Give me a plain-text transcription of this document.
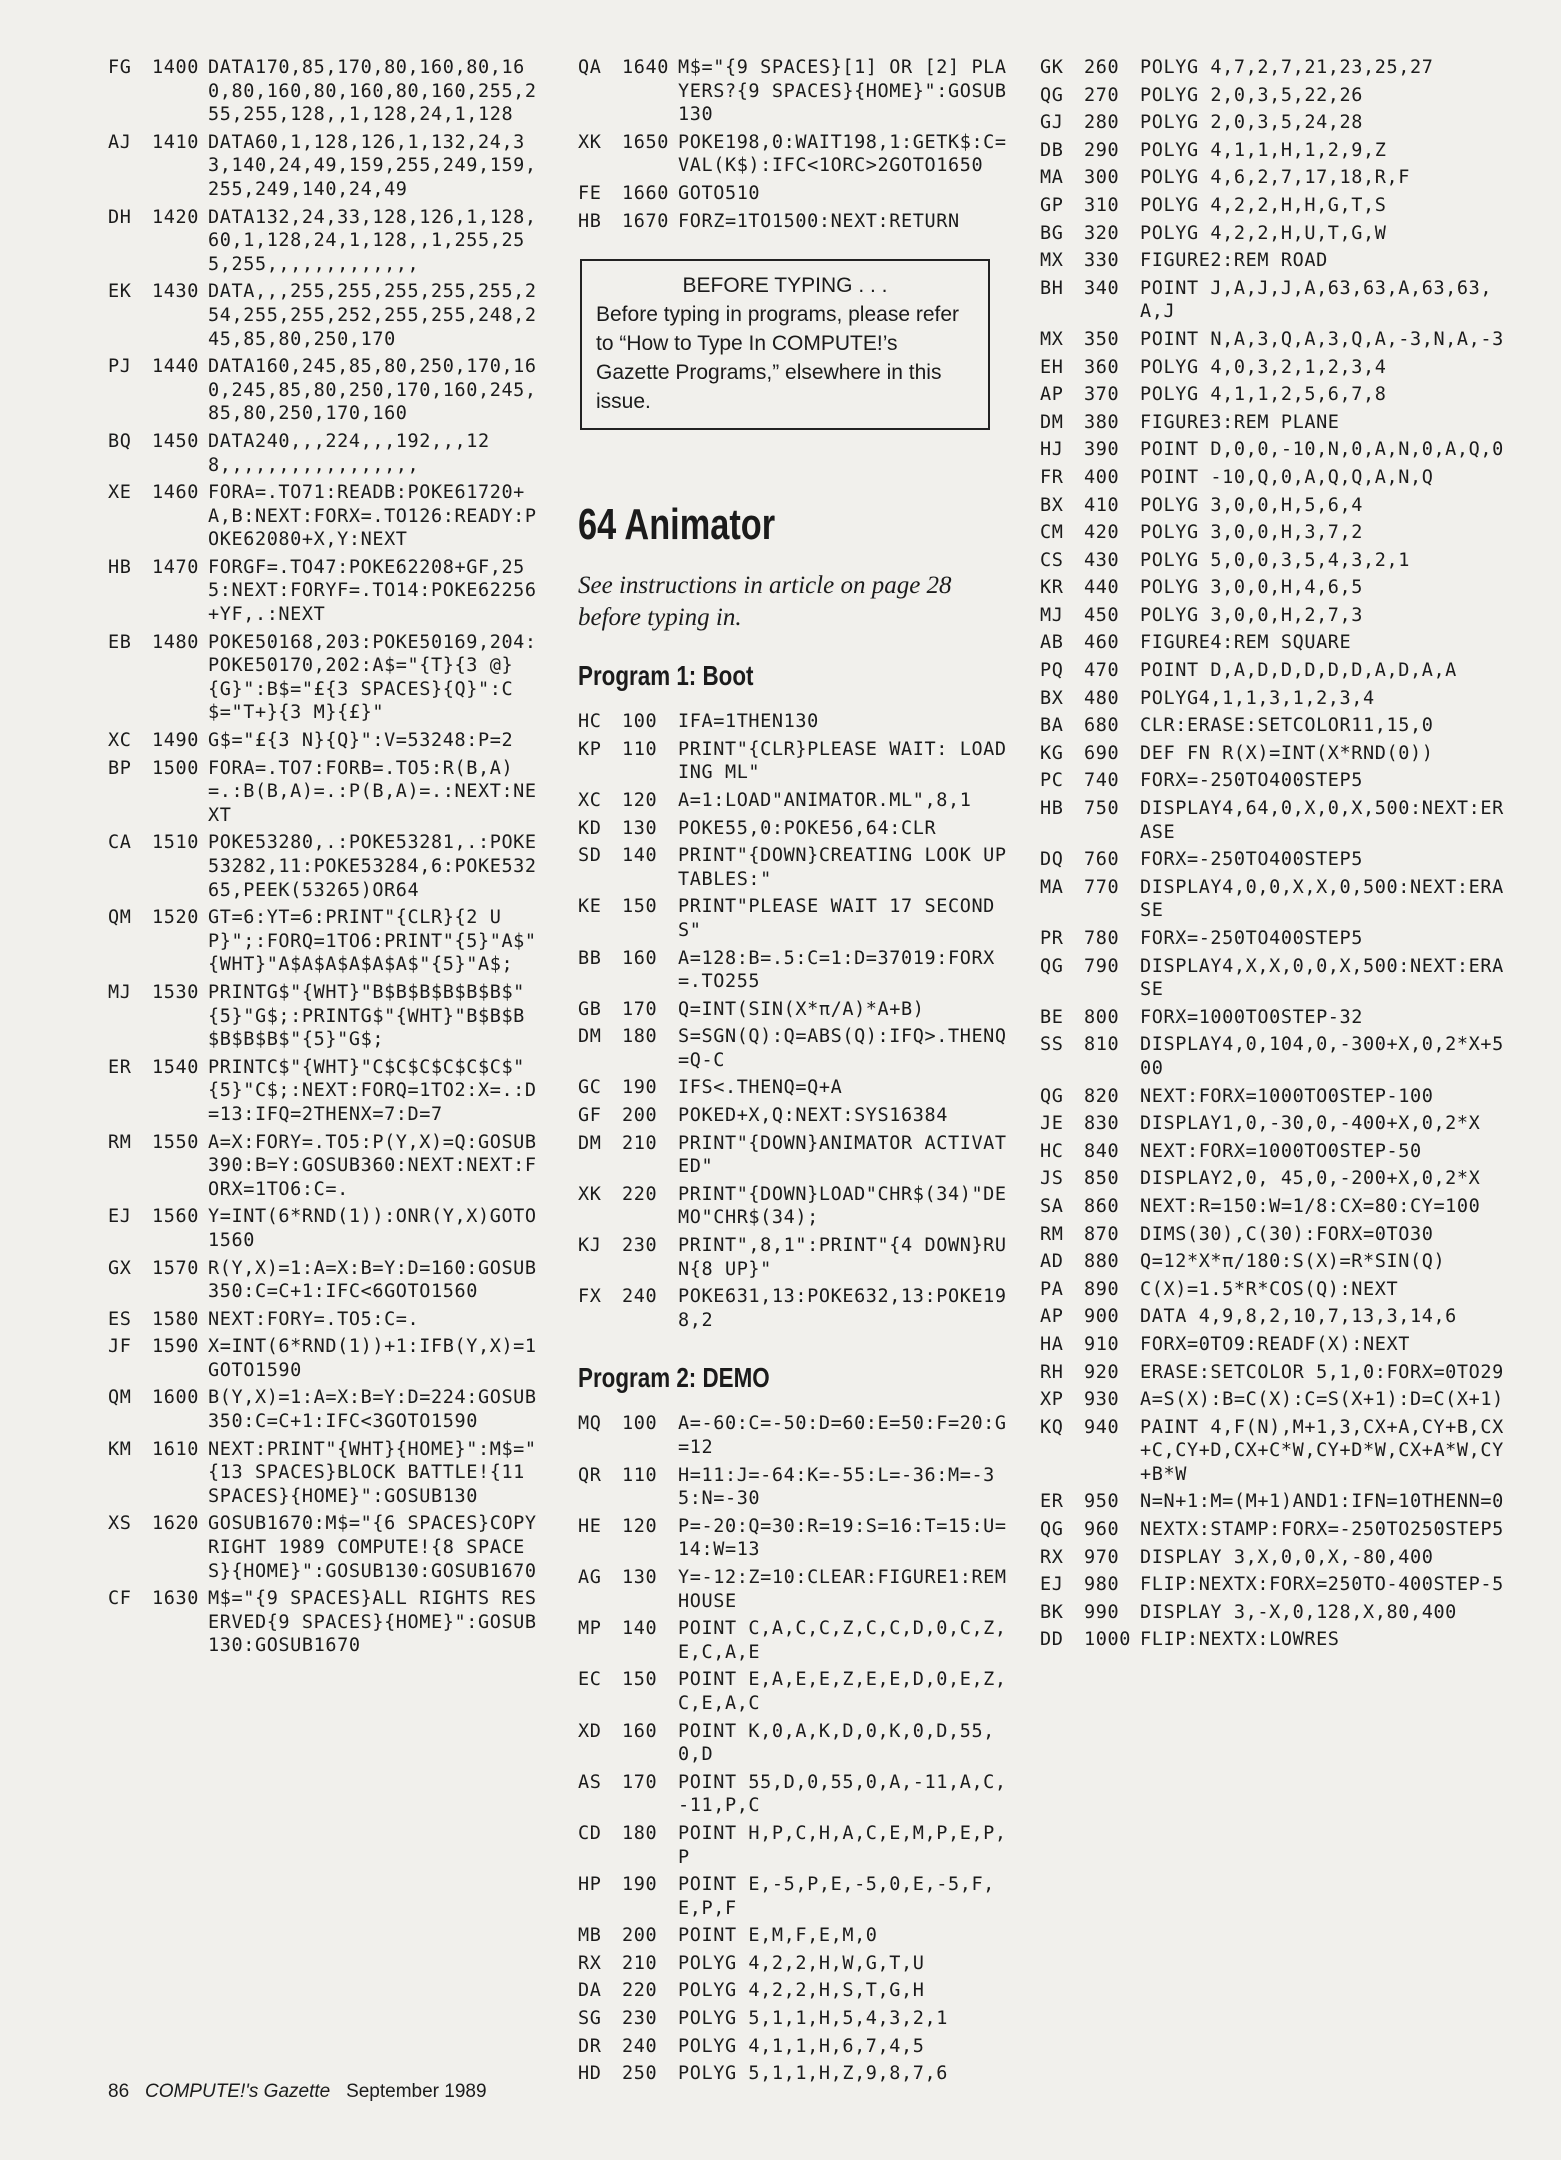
FG	1400 DATA170,85,170,80,160,80,160,80,160,80,160,80,160,255,255,255,128,,1,128,24,1,128
AJ	1410 DATA60,1,128,126,1,132,24,33,140,24,49,159,255,249,159,255,249,140,24,49
DH	1420 DATA132,24,33,128,126,1,128,60,1,128,24,1,128,,1,255,255,255,,,,,,,,,,,,,
EK	1430 DATA,,,255,255,255,255,255,254,255,255,252,255,255,248,245,85,80,250,170
PJ	1440 DATA160,245,85,80,250,170,160,245,85,80,250,170,160,245,85,80,250,170,160
BQ	1450 DATA240,,,224,,,192,,,128,,,,,,,,,,,,,,,,,
XE	1460 FORA=.TO71:READB:POKE61720+A,B:NEXT:FORX=.TO126:READY:POKE62080+X,Y:NEXT
HB	1470 FORGF=.TO47:POKE62208+GF,255:NEXT:FORYF=.TO14:POKE62256+YF,.:NEXT
EB	1480 POKE50168,203:POKE50169,204:POKE50170,202:A$="{T}{3 @}{G}":B$="£{3 SPACES}{Q}":C$="T+}{3 M}{£}"
XC	1490 G$="£{3 N}{Q}":V=53248:P=2
BP	1500 FORA=.TO7:FORB=.TO5:R(B,A)=.:B(B,A)=.:P(B,A)=.:NEXT:NEXT
CA	1510 POKE53280,.:POKE53281,.:POKE53282,11:POKE53284,6:POKE53265,PEEK(53265)OR64
QM	1520 GT=6:YT=6:PRINT"{CLR}{2 UP}";:FORQ=1TO6:PRINT"{5}"A$"{WHT}"A$A$A$A$A$A$"{5}"A$;
MJ	1530 PRINTG$"{WHT}"B$B$B$B$B$B$"{5}"G$;:PRINTG$"{WHT}"B$B$B$B$B$B$"{5}"G$;
ER	1540 PRINTC$"{WHT}"C$C$C$C$C$C$"{5}"C$;:NEXT:FORQ=1TO2:X=.:D=13:IFQ=2THENX=7:D=7
RM	1550 A=X:FORY=.TO5:P(Y,X)=Q:GOSUB390:B=Y:GOSUB360:NEXT:NEXT:FORX=1TO6:C=.
EJ	1560 Y=INT(6*RND(1)):ONR(Y,X)GOTO1560
GX	1570 R(Y,X)=1:A=X:B=Y:D=160:GOSUB350:C=C+1:IFC<6GOTO1560
ES	1580 NEXT:FORY=.TO5:C=.
JF	1590 X=INT(6*RND(1))+1:IFB(Y,X)=1GOTO1590
QM	1600 B(Y,X)=1:A=X:B=Y:D=224:GOSUB350:C=C+1:IFC<3GOTO1590
KM	1610 NEXT:PRINT"{WHT}{HOME}":M$="{13 SPACES}BLOCK BATTLE!{11 SPACES}{HOME}":GOSUB130
XS	1620 GOSUB1670:M$="{6 SPACES}COPYRIGHT 1989 COMPUTE!{8 SPACES}{HOME}":GOSUB130:GOSUB1670
CF	1630 M$="{9 SPACES}ALL RIGHTS RESERVED{9 SPACES}{HOME}":GOSUB130:GOSUB1670
QA	1640 M$="{9 SPACES}[1] OR [2] PLAYERS?{9 SPACES}{HOME}":GOSUB130
XK	1650 POKE198,0:WAIT198,1:GETK$:C=VAL(K$):IFC<1ORC>2GOTO1650
FE	1660 GOTO510
HB	1670 FORZ=1TO1500:NEXT:RETURN
BEFORE TYPING . . .
Before typing in programs, please refer to “How to Type In COMPUTE!’s Gazette Programs,” elsewhere in this issue.
64 Animator
See instructions in article on page 28 before typing in.
Program 1: Boot
HC	100	IFA=1THEN130
KP	110	PRINT"{CLR}PLEASE WAIT: LOADING ML"
XC	120	A=1:LOAD"ANIMATOR.ML",8,1
KD	130	POKE55,0:POKE56,64:CLR
SD	140	PRINT"{DOWN}CREATING LOOK UP TABLES:"
KE	150	PRINT"PLEASE WAIT 17 SECONDS"
BB	160	A=128:B=.5:C=1:D=37019:FORX=.TO255
GB	170	Q=INT(SIN(X*π/A)*A+B)
DM	180	S=SGN(Q):Q=ABS(Q):IFQ>.THENQ=Q-C
GC	190	IFS<.THENQ=Q+A
GF	200	POKED+X,Q:NEXT:SYS16384
DM	210	PRINT"{DOWN}ANIMATOR ACTIVATED"
XK	220	PRINT"{DOWN}LOAD"CHR$(34)"DEMO"CHR$(34);
KJ	230	PRINT",8,1":PRINT"{4 DOWN}RUN{8 UP}"
FX	240	POKE631,13:POKE632,13:POKE198,2
Program 2: DEMO
MQ	100	A=-60:C=-50:D=60:E=50:F=20:G=12
QR	110	H=11:J=-64:K=-55:L=-36:M=-35:N=-30
HE	120	P=-20:Q=30:R=19:S=16:T=15:U=14:W=13
AG	130	Y=-12:Z=10:CLEAR:FIGURE1:REM HOUSE
MP	140	POINT C,A,C,C,Z,C,C,D,0,C,Z,E,C,A,E
EC	150	POINT E,A,E,E,Z,E,E,D,0,E,Z,C,E,A,C
XD	160	POINT K,0,A,K,D,0,K,0,D,55,0,D
AS	170	POINT 55,D,0,55,0,A,-11,A,C,-11,P,C
CD	180	POINT H,P,C,H,A,C,E,M,P,E,P,P
HP	190	POINT E,-5,P,E,-5,0,E,-5,F,E,P,F
MB	200	POINT E,M,F,E,M,0
RX	210	POLYG 4,2,2,H,W,G,T,U
DA	220	POLYG 4,2,2,H,S,T,G,H
SG	230	POLYG 5,1,1,H,5,4,3,2,1
DR	240	POLYG 4,1,1,H,6,7,4,5
HD	250	POLYG 5,1,1,H,Z,9,8,7,6
GK	260	POLYG 4,7,2,7,21,23,25,27
QG	270	POLYG 2,0,3,5,22,26
GJ	280	POLYG 2,0,3,5,24,28
DB	290	POLYG 4,1,1,H,1,2,9,Z
MA	300	POLYG 4,6,2,7,17,18,R,F
GP	310	POLYG 4,2,2,H,H,G,T,S
BG	320	POLYG 4,2,2,H,U,T,G,W
MX	330	FIGURE2:REM ROAD
BH	340	POINT J,A,J,J,A,63,63,A,63,63,A,J
MX	350	POINT N,A,3,Q,A,3,Q,A,-3,N,A,-3
EH	360	POLYG 4,0,3,2,1,2,3,4
AP	370	POLYG 4,1,1,2,5,6,7,8
DM	380	FIGURE3:REM PLANE
HJ	390	POINT D,0,0,-10,N,0,A,N,0,A,Q,0
FR	400	POINT -10,Q,0,A,Q,Q,A,N,Q
BX	410	POLYG 3,0,0,H,5,6,4
CM	420	POLYG 3,0,0,H,3,7,2
CS	430	POLYG 5,0,0,3,5,4,3,2,1
KR	440	POLYG 3,0,0,H,4,6,5
MJ	450	POLYG 3,0,0,H,2,7,3
AB	460	FIGURE4:REM SQUARE
PQ	470	POINT D,A,D,D,D,D,D,A,D,A,A
BX	480	POLYG4,1,1,3,1,2,3,4
BA	680	CLR:ERASE:SETCOLOR11,15,0
KG	690	DEF FN R(X)=INT(X*RND(0))
PC	740	FORX=-250TO400STEP5
HB	750	DISPLAY4,64,0,X,0,X,500:NEXT:ERASE
DQ	760	FORX=-250TO400STEP5
MA	770	DISPLAY4,0,0,X,X,0,500:NEXT:ERASE
PR	780	FORX=-250TO400STEP5
QG	790	DISPLAY4,X,X,0,0,X,500:NEXT:ERASE
BE	800	FORX=1000TO0STEP-32
SS	810	DISPLAY4,0,104,0,-300+X,0,2*X+500
QG	820	NEXT:FORX=1000TO0STEP-100
JE	830	DISPLAY1,0,-30,0,-400+X,0,2*X
HC	840	NEXT:FORX=1000TO0STEP-50
JS	850	DISPLAY2,0, 45,0,-200+X,0,2*X
SA	860	NEXT:R=150:W=1/8:CX=80:CY=100
RM	870	DIMS(30),C(30):FORX=0TO30
AD	880	Q=12*X*π/180:S(X)=R*SIN(Q)
PA	890	C(X)=1.5*R*COS(Q):NEXT
AP	900	DATA 4,9,8,2,10,7,13,3,14,6
HA	910	FORX=0TO9:READF(X):NEXT
RH	920	ERASE:SETCOLOR 5,1,0:FORX=0TO29
XP	930	A=S(X):B=C(X):C=S(X+1):D=C(X+1)
KQ	940	PAINT 4,F(N),M+1,3,CX+A,CY+B,CX+C,CY+D,CX+C*W,CY+D*W,CX+A*W,CY+B*W
ER	950	N=N+1:M=(M+1)AND1:IFN=10THENN=0
QG	960	NEXTX:STAMP:FORX=-250TO250STEP5
RX	970	DISPLAY 3,X,0,0,X,-80,400
EJ	980	FLIP:NEXTX:FORX=250TO-400STEP-5
BK	990	DISPLAY 3,-X,0,128,X,80,400
DD	1000 FLIP:NEXTX:LOWRES
86 COMPUTE!'s Gazette September 1989
